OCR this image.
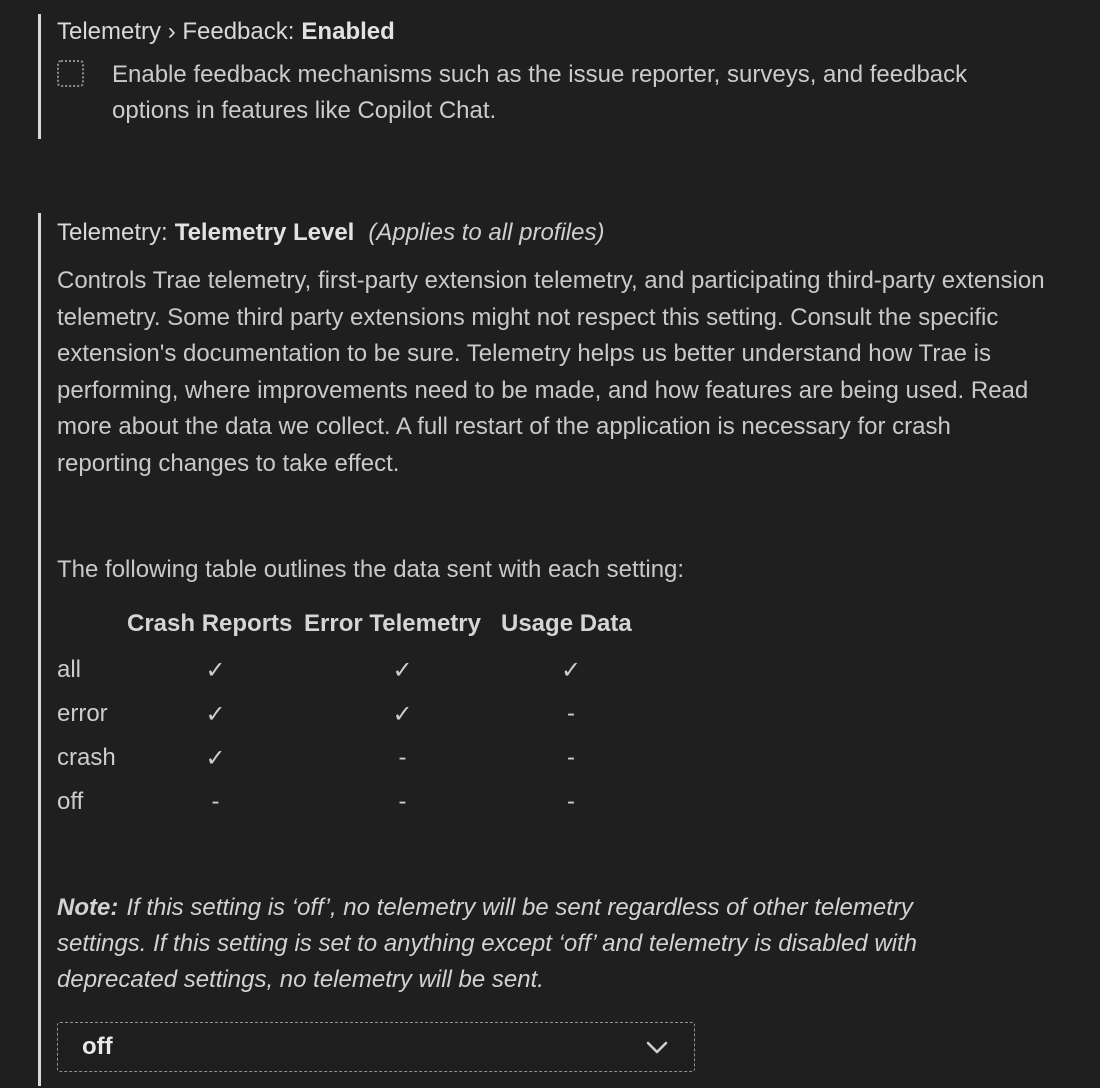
Telemetry › Feedback: Enabled
Enable feedback mechanisms such as the issue reporter, surveys, and feedback options in features like Copilot Chat.
Telemetry: Telemetry Level (Applies to all profiles)
Controls Trae telemetry, first-party extension telemetry, and participating third-party extension telemetry. Some third party extensions might not respect this setting. Consult the specific extension's documentation to be sure. Telemetry helps us better understand how Trae is performing, where improvements need to be made, and how features are being used. Read more about the data we collect. A full restart of the application is necessary for crash reporting changes to take effect.
The following table outlines the data sent with each setting:
	Crash Reports	Error Telemetry	Usage Data
all	✓	✓	✓
error	✓	✓	-
crash	✓	-	-
off	-	-	-
Note: If this setting is ‘off’, no telemetry will be sent regardless of other telemetry settings. If this setting is set to anything except ‘off’ and telemetry is disabled with deprecated settings, no telemetry will be sent.
off
